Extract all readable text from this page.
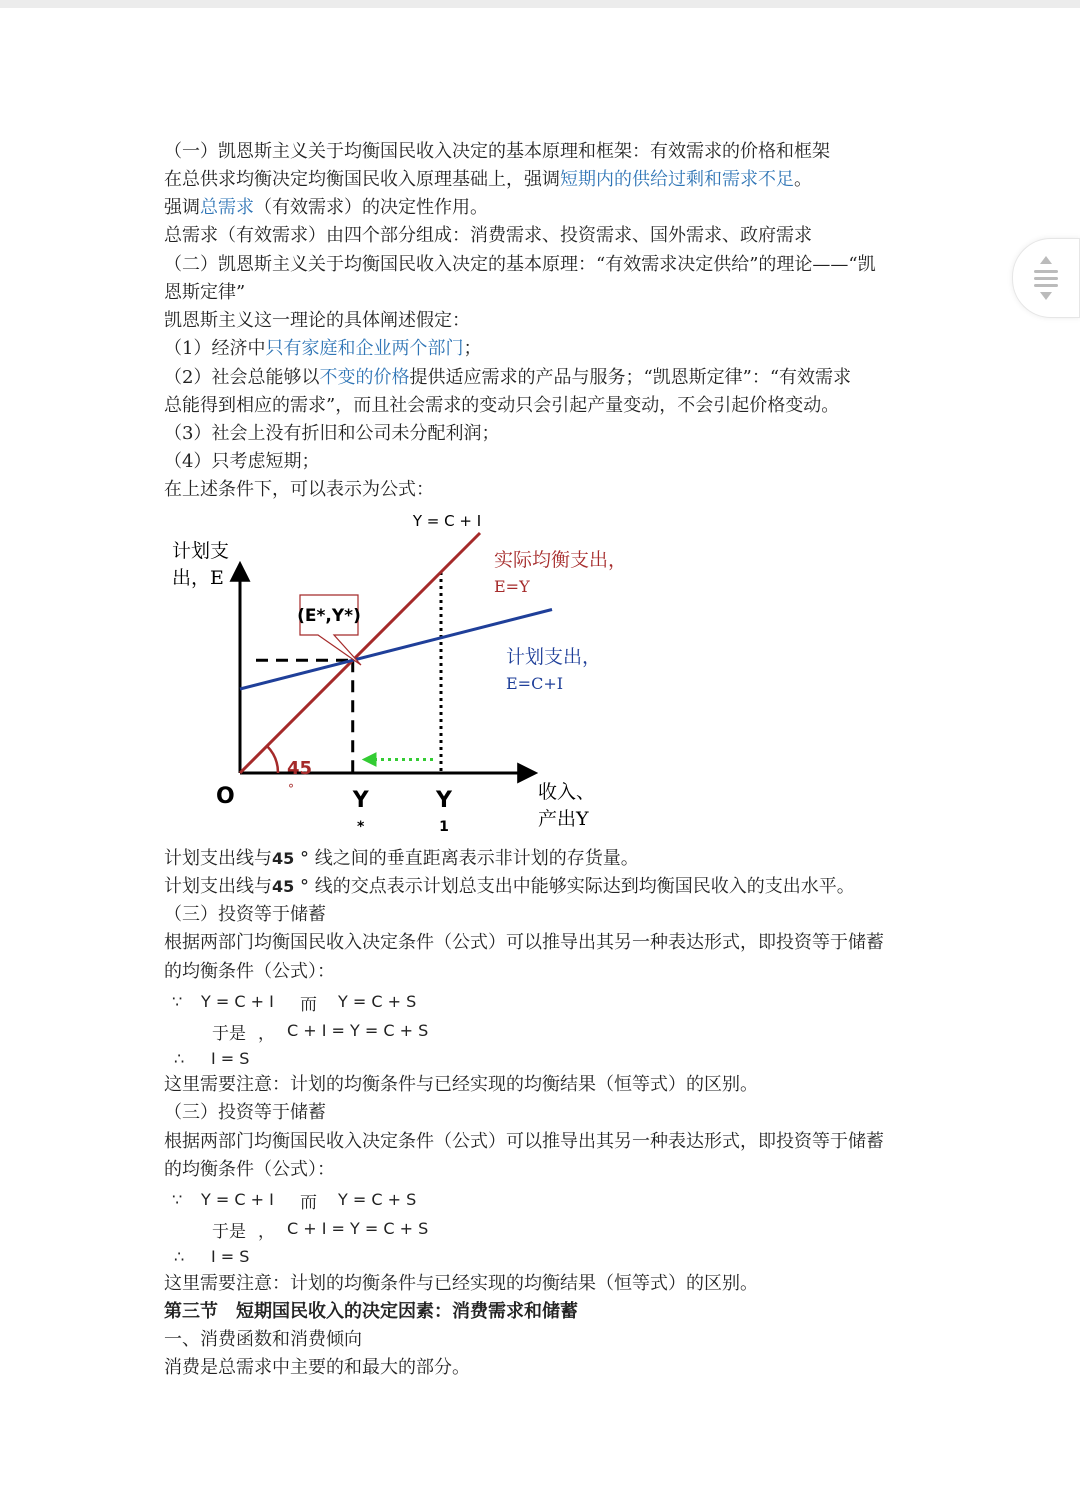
（一）凯恩斯主义关于均衡国民收入决定的基本原理和框架：有效需求的价格和框架
在总供求均衡决定均衡国民收入原理基础上，强调短期内的供给过剩和需求不足。
强调总需求（有效需求）的决定性作用。
总需求（有效需求）由四个部分组成：消费需求、投资需求、国外需求、政府需求
（二）凯恩斯主义关于均衡国民收入决定的基本原理：“有效需求决定供给”的理论——“凯
恩斯定律”
凯恩斯主义这一理论的具体阐述假定：
（1）经济中只有家庭和企业两个部门；
（2）社会总能够以不变的价格提供适应需求的产品与服务；“凯恩斯定律”：“有效需求
总能得到相应的需求”，而且社会需求的变动只会引起产量变动，不会引起价格变动。
（3）社会上没有折旧和公司未分配利润；
（4）只考虑短期；
在上述条件下，可以表示为公式：
Y = C + I
计划支
出，E
45
°
(E*,Y*)
实际均衡支出，
E=Y
计划支出，
E=C+I
O	Y
*
Y
1
收入、
产出Y
计划支出线与45 ° 线之间的垂直距离表示非计划的存货量。
计划支出线与45 ° 线的交点表示计划总支出中能够实际达到均衡国民收入的支出水平。
（三）投资等于储蓄
根据两部门均衡国民收入决定条件（公式）可以推导出其另一种表达形式，即投资等于储蓄
的均衡条件（公式）：
∵ Y = C + I 而 Y = C + S
于是 ， C + I = Y = C + S
∴ I = S
这里需要注意：计划的均衡条件与已经实现的均衡结果（恒等式）的区别。
（三）投资等于储蓄
根据两部门均衡国民收入决定条件（公式）可以推导出其另一种表达形式，即投资等于储蓄
的均衡条件（公式）：
∵ Y = C + I 而 Y = C + S
于是 ， C + I = Y = C + S
∴ I = S
这里需要注意：计划的均衡条件与已经实现的均衡结果（恒等式）的区别。
第三节　短期国民收入的决定因素：消费需求和储蓄
一、消费函数和消费倾向
消费是总需求中主要的和最大的部分。
